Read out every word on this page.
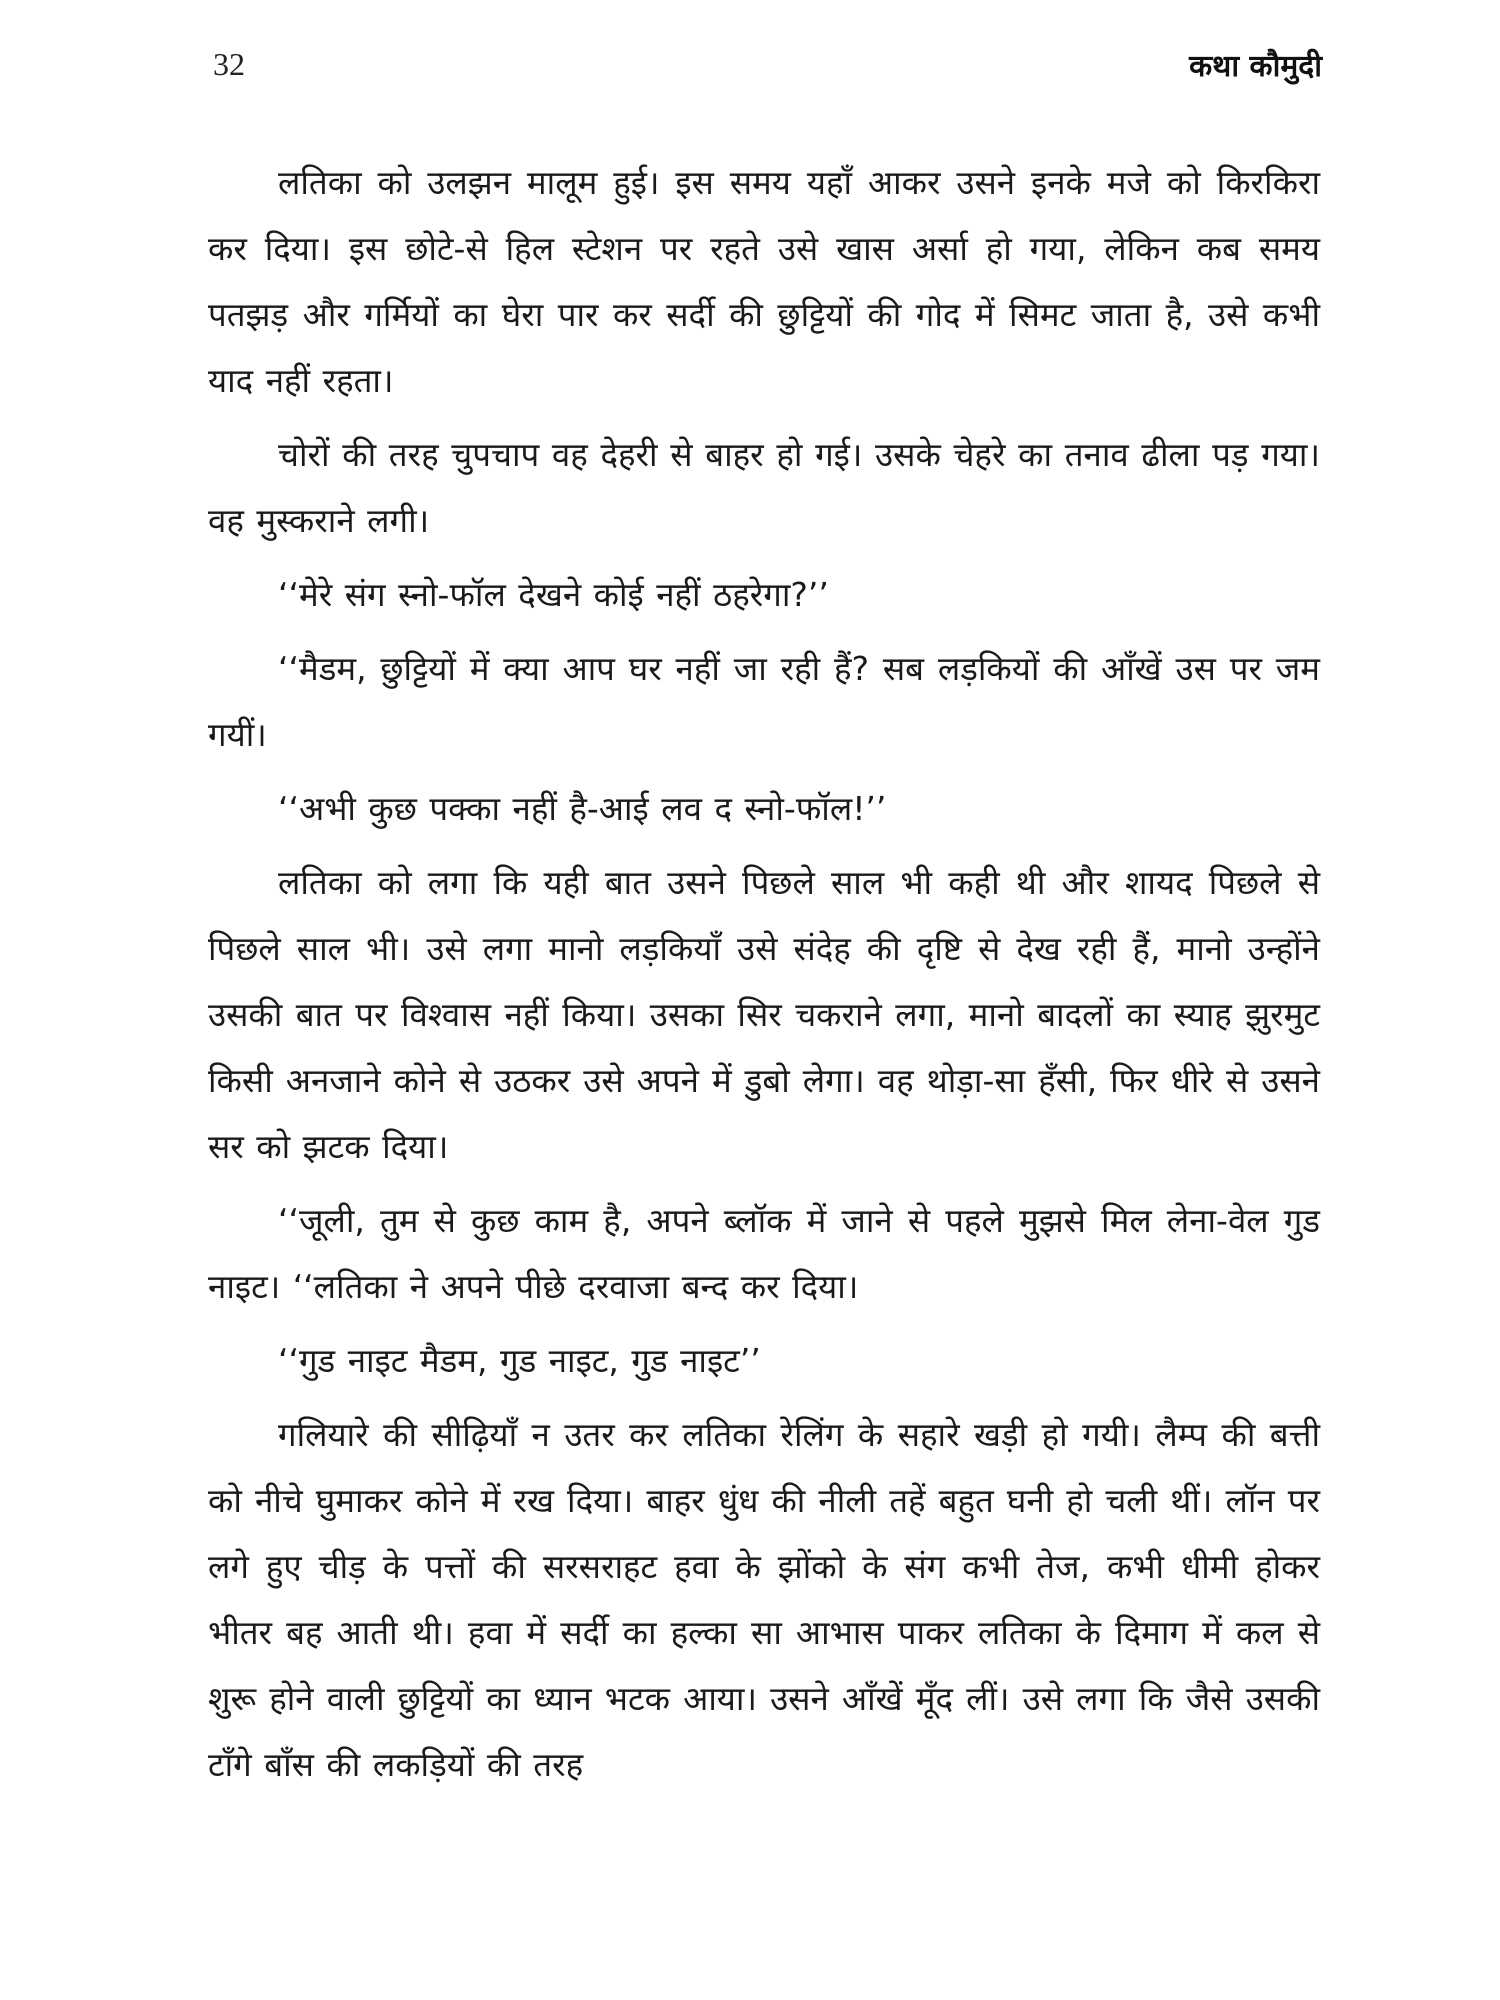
32	कथा कौमुदी

लतिका को उलझन मालूम हुई। इस समय यहाँ आकर उसने इनके मजे को किरकिरा कर दिया। इस छोटे-से हिल स्टेशन पर रहते उसे खास अर्सा हो गया, लेकिन कब समय पतझड़ और गर्मियों का घेरा पार कर सर्दी की छुट्टियों की गोद में सिमट जाता है, उसे कभी याद नहीं रहता।

चोरों की तरह चुपचाप वह देहरी से बाहर हो गई। उसके चेहरे का तनाव ढीला पड़ गया। वह मुस्कराने लगी।

‘‘मेरे संग स्नो-फॉल देखने कोई नहीं ठहरेगा?’’

‘‘मैडम, छुट्टियों में क्या आप घर नहीं जा रही हैं? सब लड़कियों की आँखें उस पर जम गयीं।

‘‘अभी कुछ पक्का नहीं है-आई लव द स्नो-फॉल!’’

लतिका को लगा कि यही बात उसने पिछले साल भी कही थी और शायद पिछले से पिछले साल भी। उसे लगा मानो लड़कियाँ उसे संदेह की दृष्टि से देख रही हैं, मानो उन्होंने उसकी बात पर विश्वास नहीं किया। उसका सिर चकराने लगा, मानो बादलों का स्याह झुरमुट किसी अनजाने कोने से उठकर उसे अपने में डुबो लेगा। वह थोड़ा-सा हँसी, फिर धीरे से उसने सर को झटक दिया।

‘‘जूली, तुम से कुछ काम है, अपने ब्लॉक में जाने से पहले मुझसे मिल लेना-वेल गुड नाइट। ‘‘लतिका ने अपने पीछे दरवाजा बन्द कर दिया।

‘‘गुड नाइट मैडम, गुड नाइट, गुड नाइट’’

गलियारे की सीढ़ियाँ न उतर कर लतिका रेलिंग के सहारे खड़ी हो गयी। लैम्प की बत्ती को नीचे घुमाकर कोने में रख दिया। बाहर धुंध की नीली तहें बहुत घनी हो चली थीं। लॉन पर लगे हुए चीड़ के पत्तों की सरसराहट हवा के झोंको के संग कभी तेज, कभी धीमी होकर भीतर बह आती थी। हवा में सर्दी का हल्का सा आभास पाकर लतिका के दिमाग में कल से शुरू होने वाली छुट्टियों का ध्यान भटक आया। उसने आँखें मूँद लीं। उसे लगा कि जैसे उसकी टाँगे बाँस की लकड़ियों की तरह
